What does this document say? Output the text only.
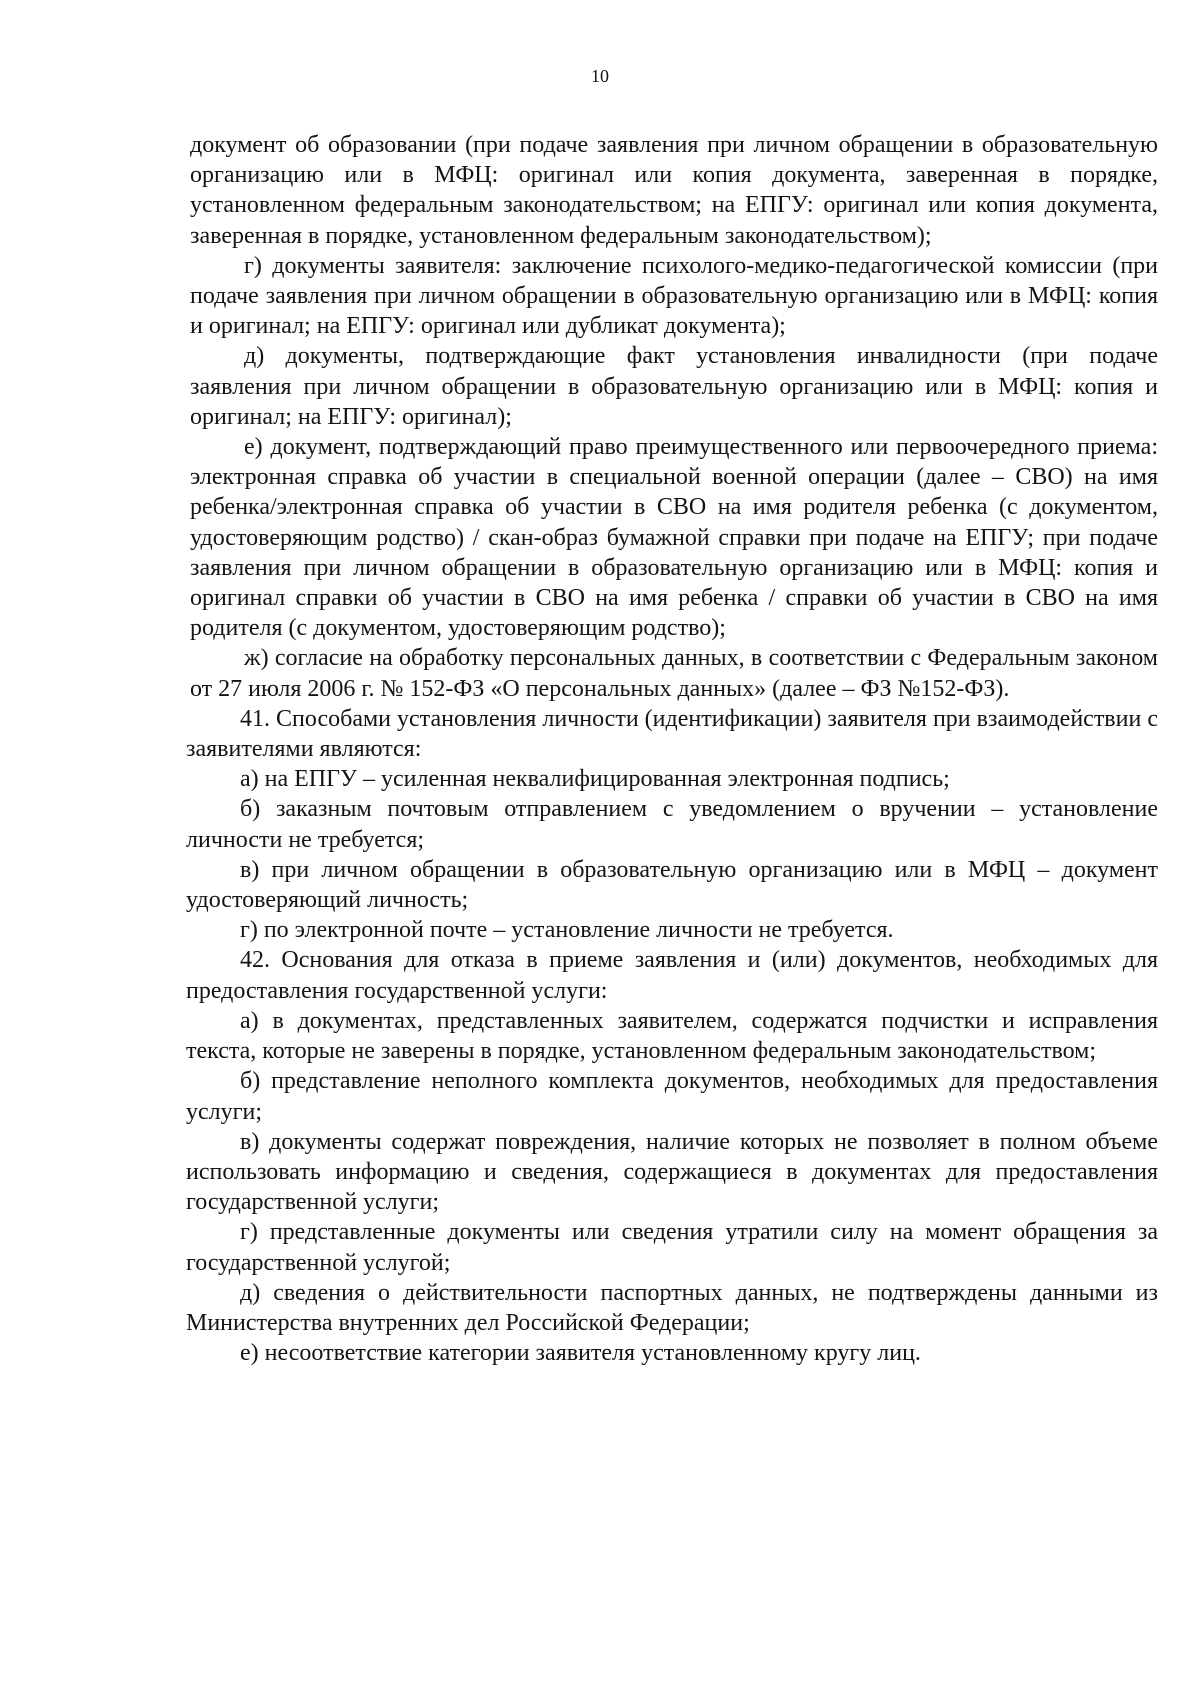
10

документ об образовании (при подаче заявления при личном обращении в образовательную организацию или в МФЦ: оригинал или копия документа, заверенная в порядке, установленном федеральным законодательством; на ЕПГУ: оригинал или копия документа, заверенная в порядке, установленном федеральным законодательством);

г) документы заявителя: заключение психолого-медико-педагогической комиссии (при подаче заявления при личном обращении в образовательную организацию или в МФЦ: копия и оригинал; на ЕПГУ: оригинал или дубликат документа);

д) документы, подтверждающие факт установления инвалидности (при подаче заявления при личном обращении в образовательную организацию или в МФЦ: копия и оригинал; на ЕПГУ: оригинал);

е) документ, подтверждающий право преимущественного или первоочередного приема: электронная справка об участии в специальной военной операции (далее – СВО) на имя ребенка/электронная справка об участии в СВО на имя родителя ребенка (с документом, удостоверяющим родство) / скан-образ бумажной справки при подаче на ЕПГУ; при подаче заявления при личном обращении в образовательную организацию или в МФЦ: копия и оригинал справки об участии в СВО на имя ребенка / справки об участии в СВО на имя родителя (с документом, удостоверяющим родство);

ж) согласие на обработку персональных данных, в соответствии с Федеральным законом от 27 июля 2006 г. № 152-ФЗ «О персональных данных» (далее – ФЗ №152-ФЗ).

41. Способами установления личности (идентификации) заявителя при взаимодействии с заявителями являются:

а) на ЕПГУ – усиленная неквалифицированная электронная подпись;

б) заказным почтовым отправлением с уведомлением о вручении – установление личности не требуется;

в) при личном обращении в образовательную организацию или в МФЦ – документ удостоверяющий личность;

г) по электронной почте – установление личности не требуется.

42. Основания для отказа в приеме заявления и (или) документов, необходимых для предоставления государственной услуги:

а) в документах, представленных заявителем, содержатся подчистки и исправления текста, которые не заверены в порядке, установленном федеральным законодательством;

б) представление неполного комплекта документов, необходимых для предоставления услуги;

в) документы содержат повреждения, наличие которых не позволяет в полном объеме использовать информацию и сведения, содержащиеся в документах для предоставления государственной услуги;

г) представленные документы или сведения утратили силу на момент обращения за государственной услугой;

д) сведения о действительности паспортных данных, не подтверждены данными из Министерства внутренних дел Российской Федерации;

е) несоответствие категории заявителя установленному кругу лиц.
